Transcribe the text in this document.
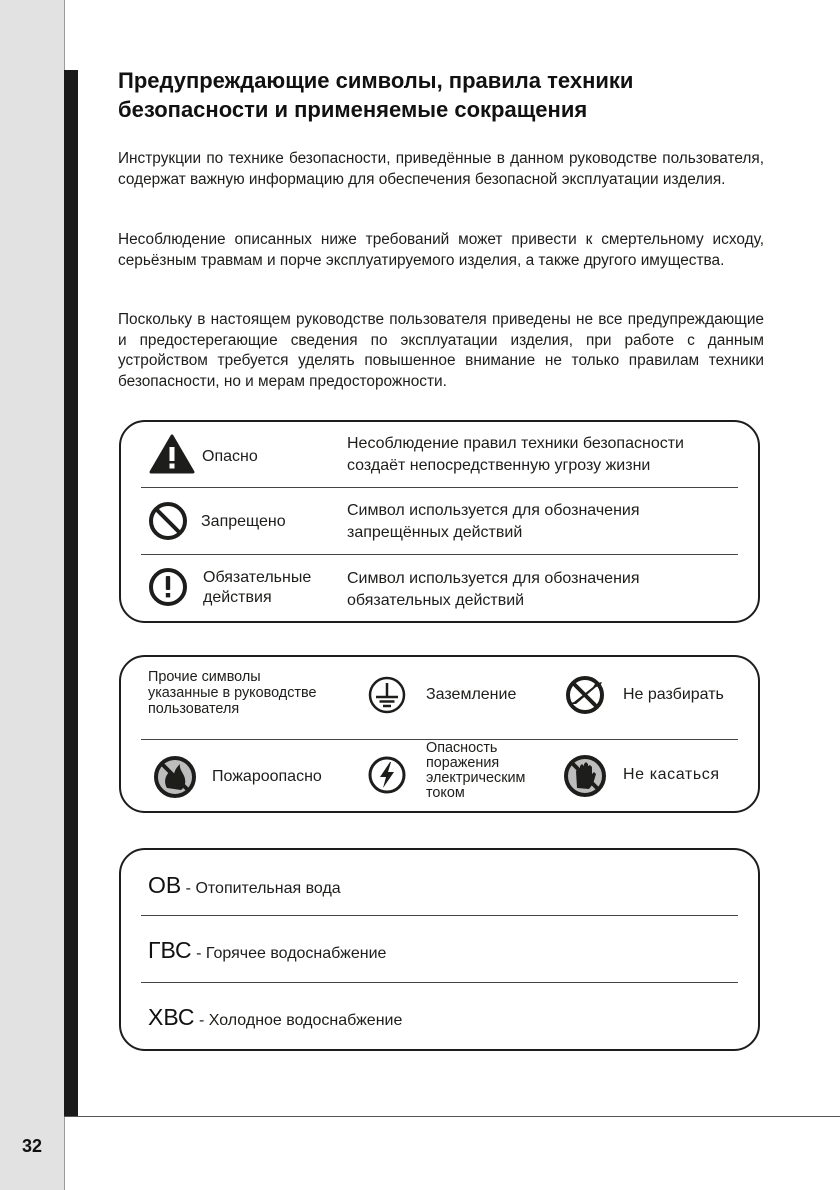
32
Предупреждающие символы, правила техники
безопасности и применяемые сокращения

Инструкции по технике безопасности, приведённые в данном руководстве пользователя, содержат важную информацию для обеспечения безопасной эксплуатации изделия.

Несоблюдение описанных ниже требований может привести к смертельному исходу, серьёзным травмам и порче эксплуатируемого изделия, а также другого имущества.

Поскольку в настоящем руководстве пользователя приведены не все предупреждающие и предостерегающие сведения по эксплуатации изделия, при работе с данным устройством требуется уделять повышенное внимание не только правилам техники безопасности, но и мерам предосторожности.

Опасно
Несоблюдение правил техники безопасности
создаёт непосредственную угрозу жизни
Запрещено
Символ используется для обозначения
запрещённых действий
Обязательные
действия
Символ используется для обозначения
обязательных действий
Прочие символы
указанные в руководстве
пользователя
Заземление	Не разбирать
Пожароопасно
Опасность
поражения
электрическим
током
Не касаться
ОВ - Отопительная вода
ГВС - Горячее водоснабжение
ХВС - Холодное водоснабжение
